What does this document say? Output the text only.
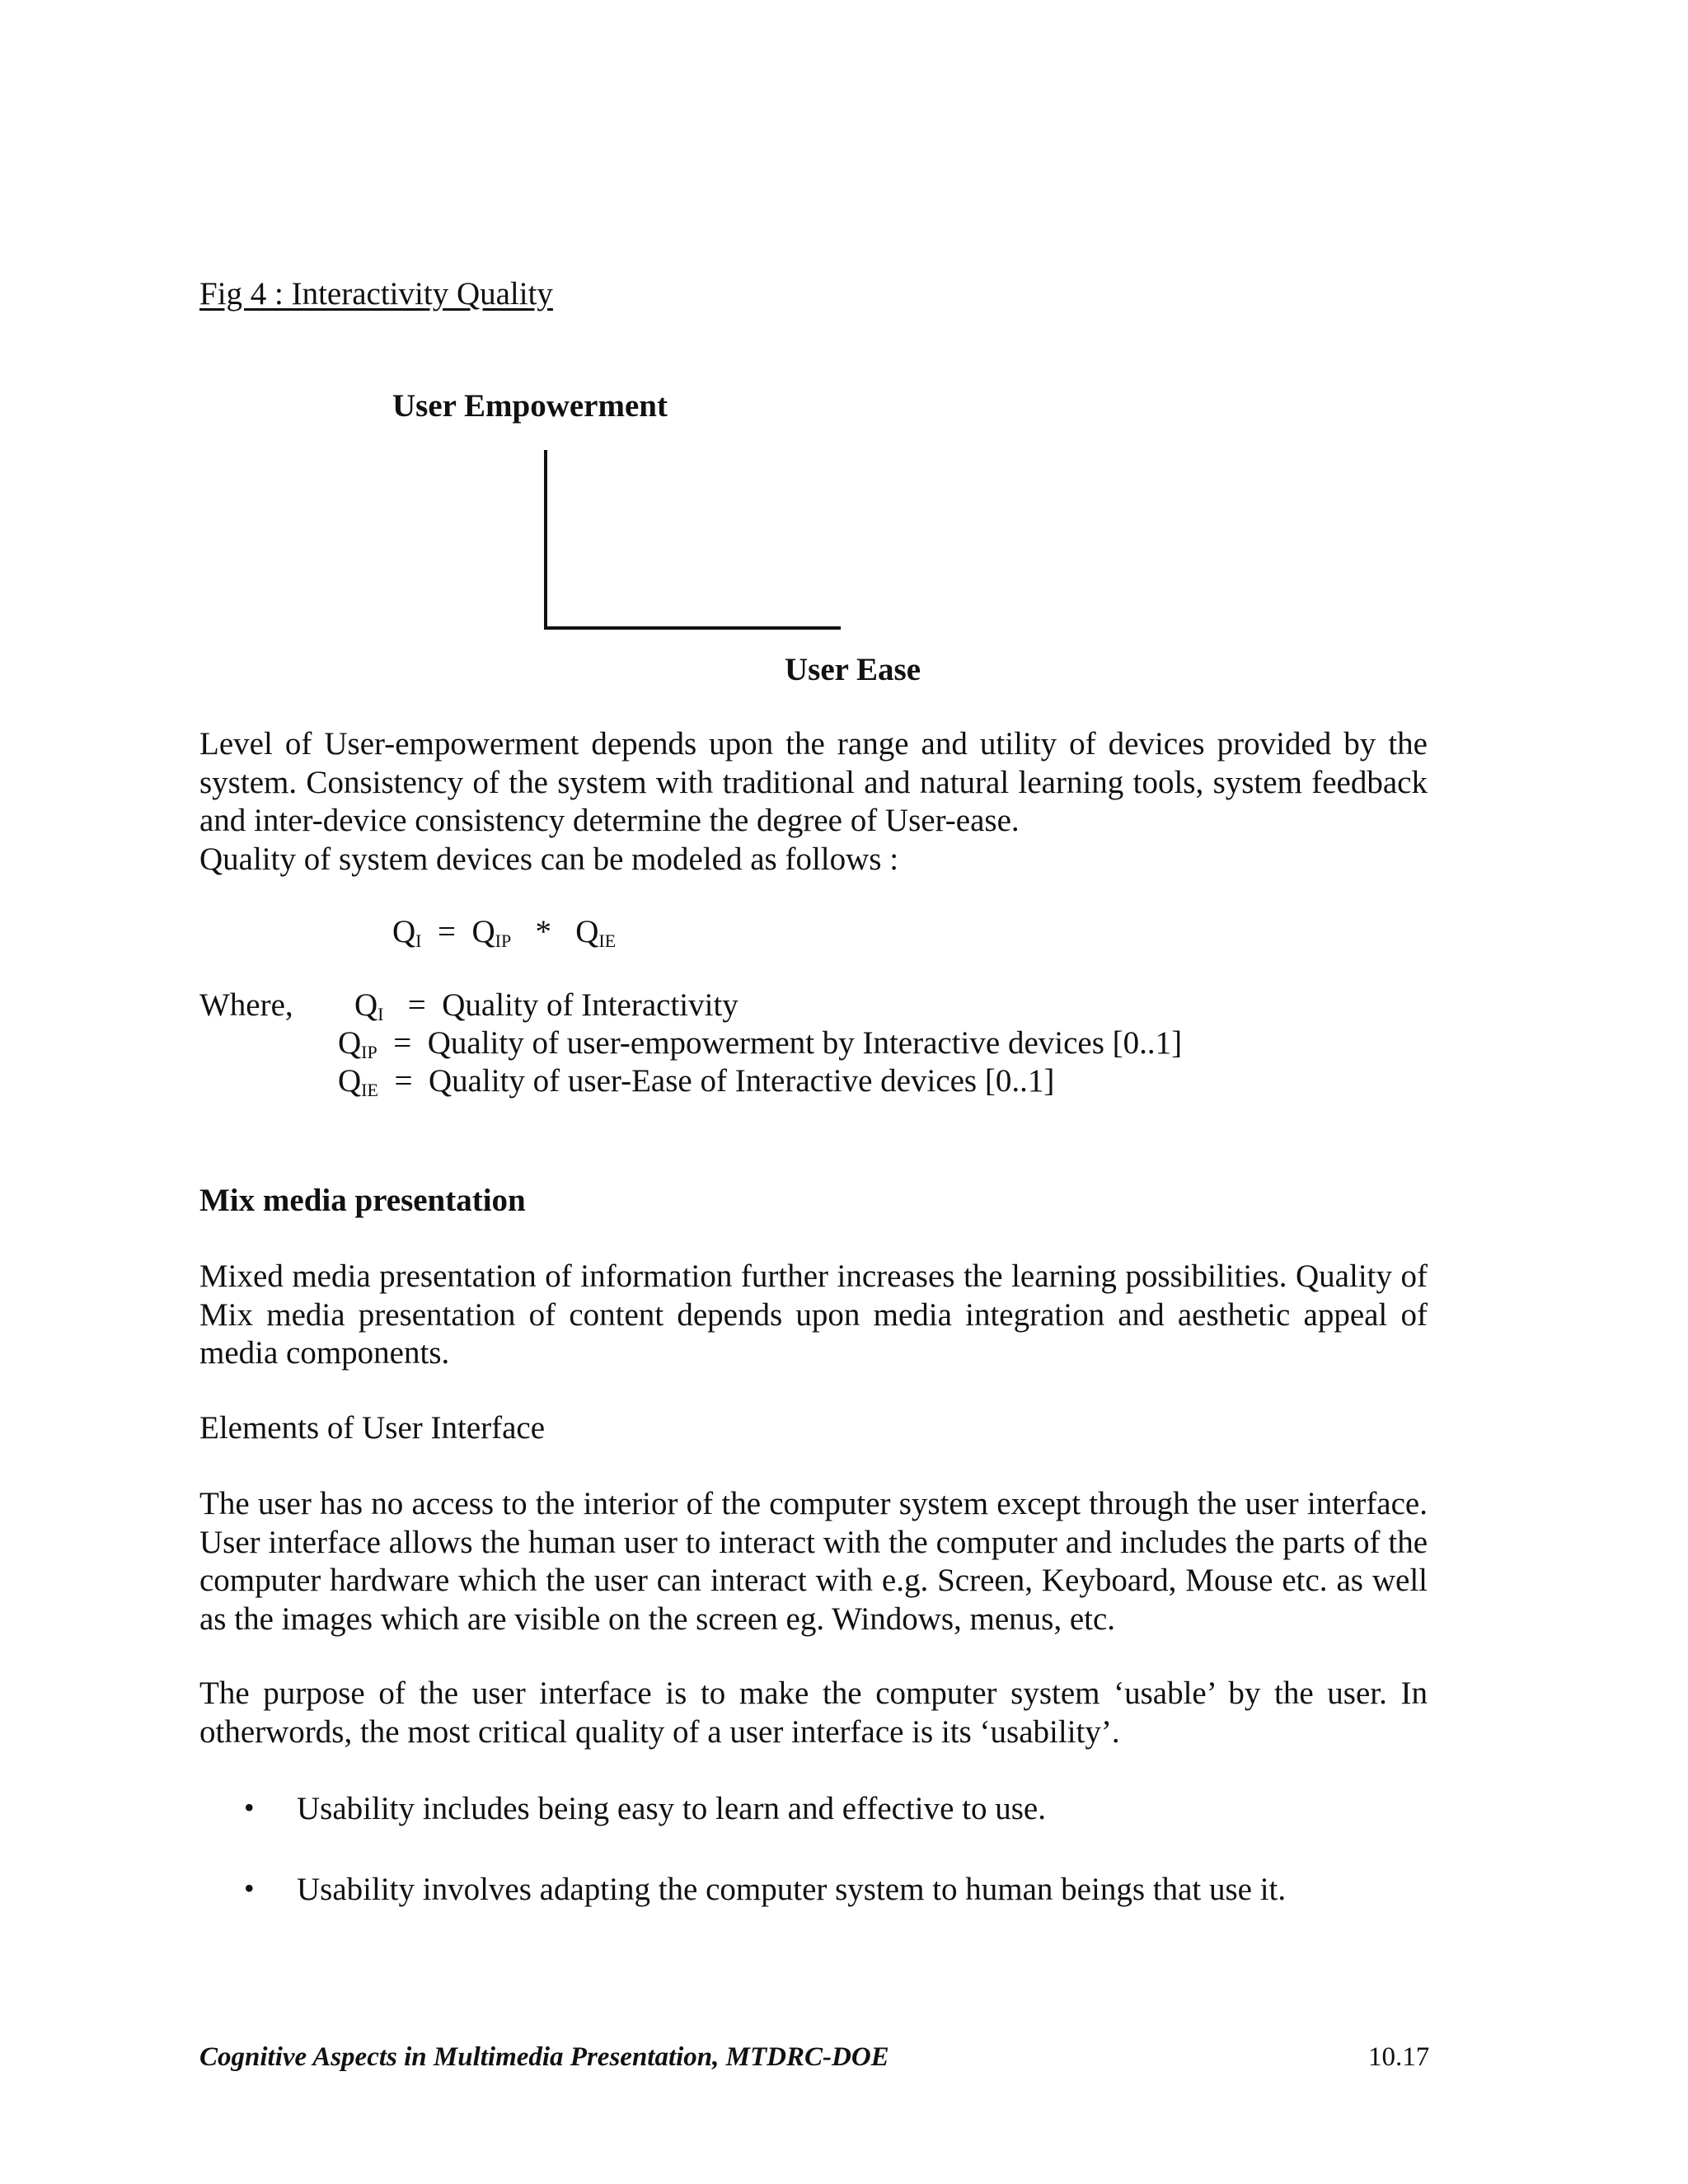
Fig 4 : Interactivity Quality
User Empowerment
User Ease

Level of User-empowerment depends upon the range and utility of devices provided by the system. Consistency of the system with traditional and natural learning tools, system feedback and inter-device consistency determine the degree of User-ease.

Quality of system devices can be modeled as follows :

$Q_I = Q_{IP} * Q_{IE}$
Where, $Q_I$ = Quality of Interactivity
$Q_{IP}$ = Quality of user-empowerment by Interactive devices [0..1]
$Q_{IE}$ = Quality of user-Ease of Interactive devices [0..1]
Mix media presentation

Mixed media presentation of information further increases the learning possibilities. Quality of Mix media presentation of content depends upon media integration and aesthetic appeal of media components.

Elements of User Interface

The user has no access to the interior of the computer system except through the user interface. User interface allows the human user to interact with the computer and includes the parts of the computer hardware which the user can interact with e.g. Screen, Keyboard, Mouse etc. as well as the images which are visible on the screen eg. Windows, menus, etc.

The purpose of the user interface is to make the computer system ‘usable’ by the user. In otherwords, the most critical quality of a user interface is its ‘usability’.

• Usability includes being easy to learn and effective to use.
• Usability involves adapting the computer system to human beings that use it.
Cognitive Aspects in Multimedia Presentation, MTDRC-DOE	10.17
